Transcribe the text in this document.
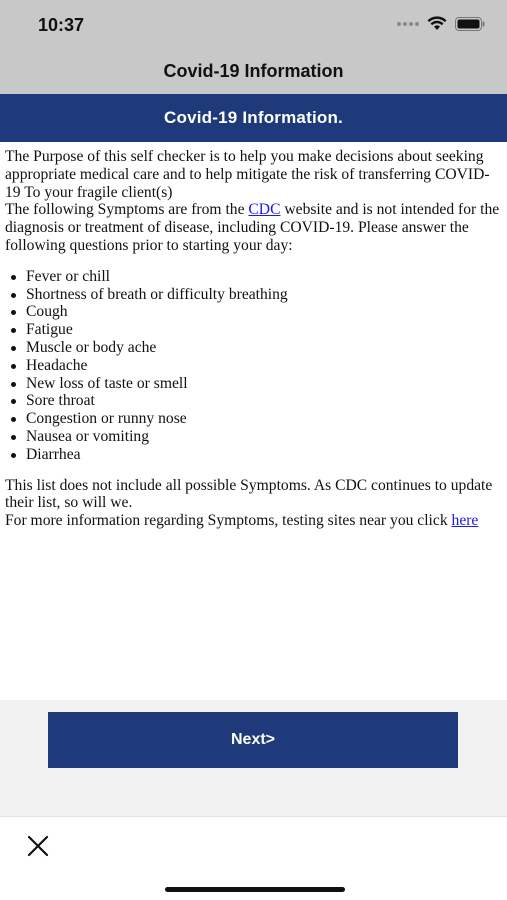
10:37
Covid-19 Information
Covid-19 Information.

The Purpose of this self checker is to help you make decisions about seeking appropriate medical care and to help mitigate the risk of transferring COVID-19 To your fragile client(s)

The following Symptoms are from the CDC website and is not intended for the diagnosis or treatment of disease, including COVID-19. Please answer the following questions prior to starting your day:

Fever or chill
Shortness of breath or difficulty breathing
Cough
Fatigue
Muscle or body ache
Headache
New loss of taste or smell
Sore throat
Congestion or runny nose
Nausea or vomiting
Diarrhea

This list does not include all possible Symptoms. As CDC continues to update their list, so will we.

For more information regarding Symptoms, testing sites near you click here

Next>
